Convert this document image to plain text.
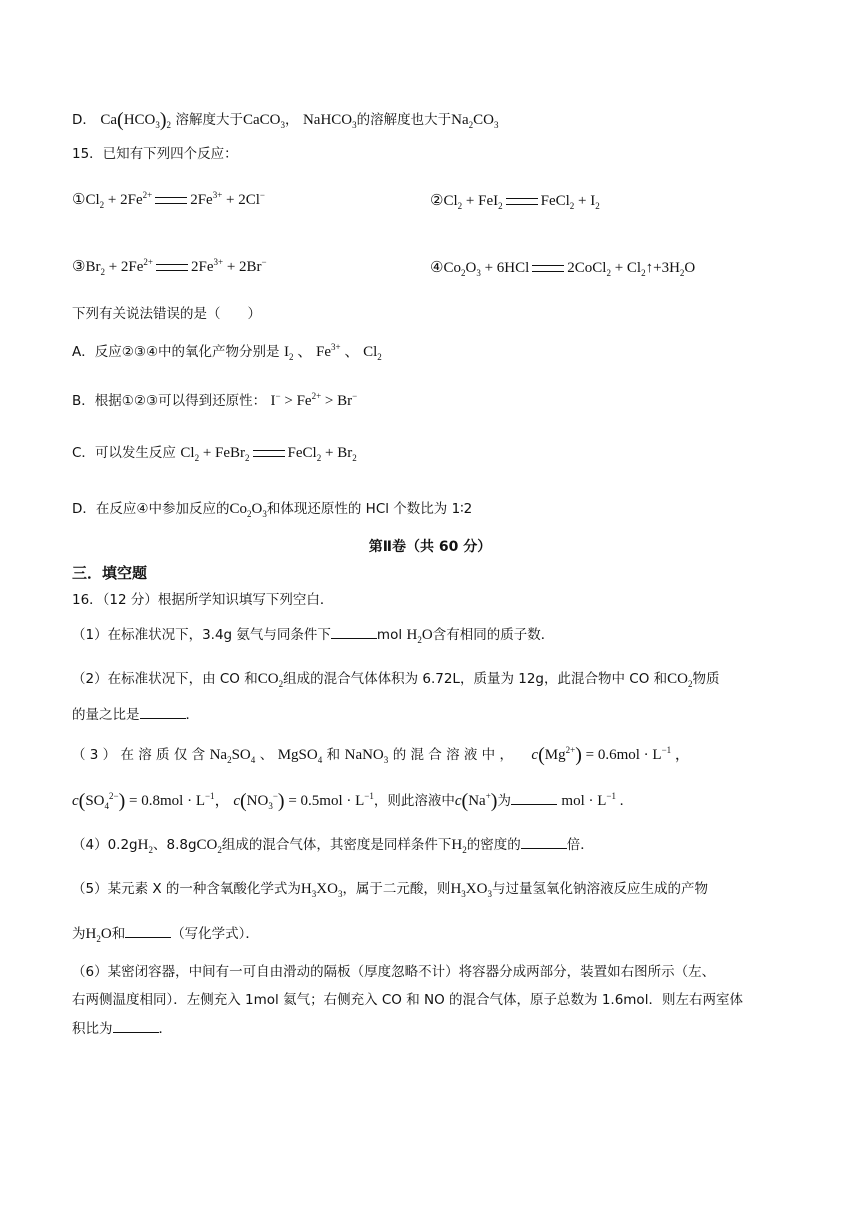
D． $Ca(HCO_3)_2$ 溶解度大于CaCO$_3$， NaHCO$_3$的溶解度也大于$Na_2CO_3$
15．已知有下列四个反应：
$①Cl_2 + 2Fe^{2+}$	$2Fe^{3+} + 2Cl^-$	$②Cl_2 + FeI_2$	FeCl$_2$ + $I_2$
$③Br_2 + 2Fe^{2+}$	$2Fe^{3+} + 2Br^-$	$④Co_2O_3 + 6HCl$	2CoCl$_2$ + $Cl_2↑+3H_2O$
下列有关说法错误的是（　　）
A．反应②③④中的氧化产物分别是 $I_2$ 、 $Fe^{3+}$ 、 $Cl_2$
B．根据①②③可以得到还原性： $I^- > Fe^{2+} > Br^-$
C．可以发生反应 $Cl_2$ + FeBr$_2$	FeCl$_2$ + $Br_2$
D．在反应④中参加反应的$Co_2O_3$和体现还原性的 HCl 个数比为 1∶2
第Ⅱ卷（共 60 分）
三．填空题
16．（12 分）根据所学知识填写下列空白．
（1）在标准状况下，3.4g 氨气与同条件下	mol $H_2O$含有相同的质子数．
（2）在标准状况下，由 CO 和$CO_2$组成的混合气体体积为 6.72L，质量为 12g，此混合物中 CO 和$CO_2$物质
的量之比是	．
（ 3 ） 在 溶 质 仅 含 $Na_2SO_4$ 、 MgSO$_4$ 和 NaNO$_3$ 的 混 合 溶 液 中 ， $c(Mg^{2+}) = 0.6mol \cdot L^{-1}$ ，
$c(SO_4^{2-}) = 0.8mol \cdot L^{-1}$， $c(NO_3^-) = 0.5mol \cdot L^{-1}$，则此溶液中c(Na+)为	mol · $L^{-1}$ .
$(4)0.2gH_2$、8.8gCO$_2$组成的混合气体，其密度是同样条件下$H_2$的密度的	倍．
（5）某元素 X 的一种含氧酸化学式为$H_3XO_3$，属于二元酸，则$H_3XO_3$与过量氢氧化钠溶液反应生成的产物
为$H_2O$和	（写化学式）．
（6）某密闭容器，中间有一可自由滑动的隔板（厚度忽略不计）将容器分成两部分，装置如右图所示（左、
右两侧温度相同）．左侧充入 1mol 氦气；右侧充入 CO 和 NO 的混合气体，原子总数为 1.6mol．则左右两室体
积比为	．
